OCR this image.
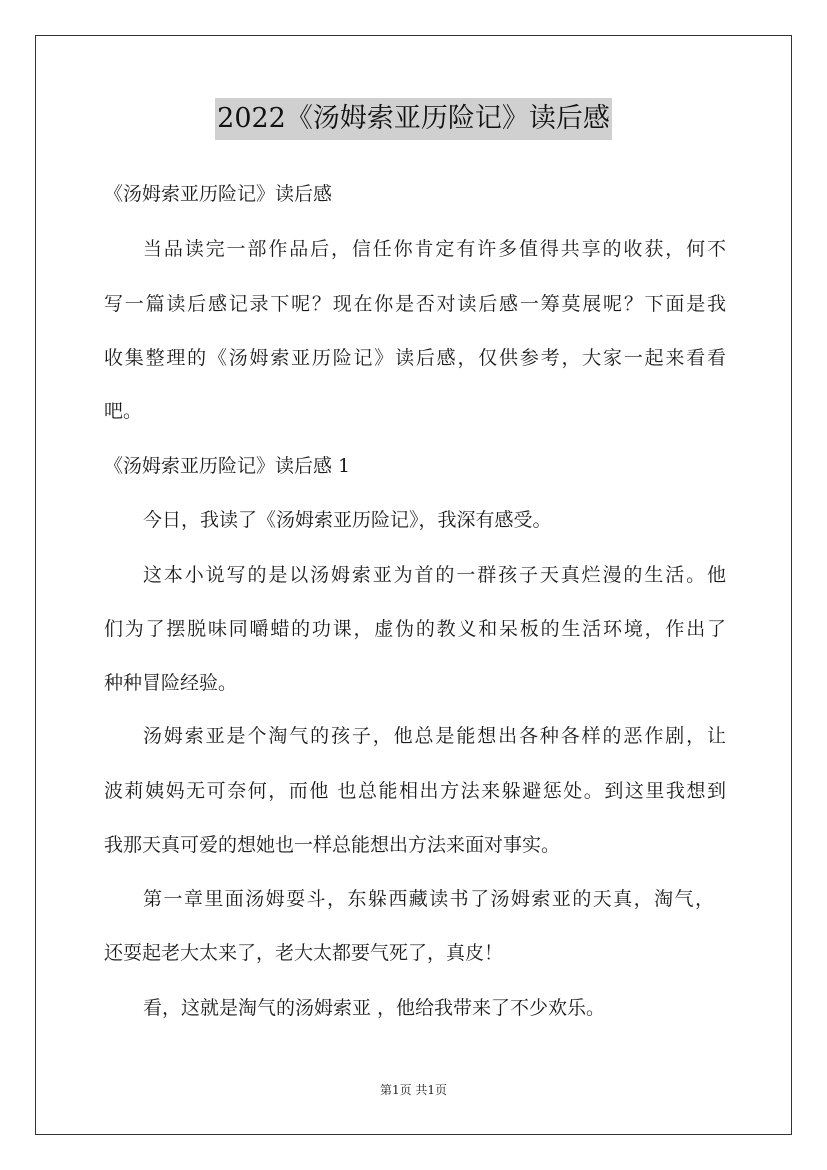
2022《汤姆索亚历险记》读后感
《汤姆索亚历险记》读后感
当品读完一部作品后，信任你肯定有许多值得共享的收获，何不
写一篇读后感记录下呢？现在你是否对读后感一筹莫展呢？下面是我
收集整理的《汤姆索亚历险记》读后感，仅供参考，大家一起来看看
吧。
《汤姆索亚历险记》读后感 1
今日，我读了《汤姆索亚历险记》，我深有感受。
这本小说写的是以汤姆索亚为首的一群孩子天真烂漫的生活。他
们为了摆脱味同嚼蜡的功课，虚伪的教义和呆板的生活环境，作出了
种种冒险经验。
汤姆索亚是个淘气的孩子，他总是能想出各种各样的恶作剧，让
波莉姨妈无可奈何，而他 也总能相出方法来躲避惩处。到这里我想到
我那天真可爱的想她也一样总能想出方法来面对事实。
第一章里面汤姆耍斗，东躲西藏读书了汤姆索亚的天真，淘气，
还耍起老大太来了，老大太都要气死了，真皮！
看，这就是淘气的汤姆索亚 ，他给我带来了不少欢乐。
第1页 共1页
